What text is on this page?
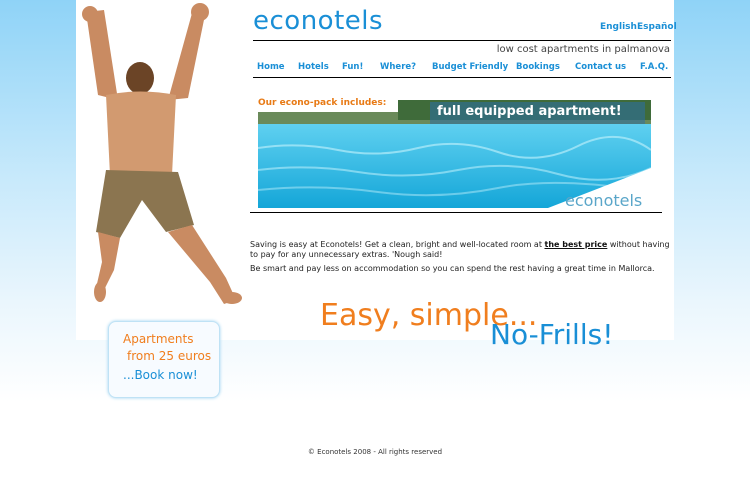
econotels	English Español
low cost apartments in palmanova
Home Hotels Fun! Where? Budget Friendly Bookings Contact us F.A.Q.
Our econo-pack includes:
full equipped apartment!
econotels
Saving is easy at Econotels! Get a clean, bright and well-located room at the best price without having to pay for any unnecessary extras. 'Nough said!
Be smart and pay less on accommodation so you can spend the rest having a great time in Mallorca.
Easy, simple...
No-Frills!
Apartments
from 25 euros
...Book now!
© Econotels 2008 - All rights reserved
